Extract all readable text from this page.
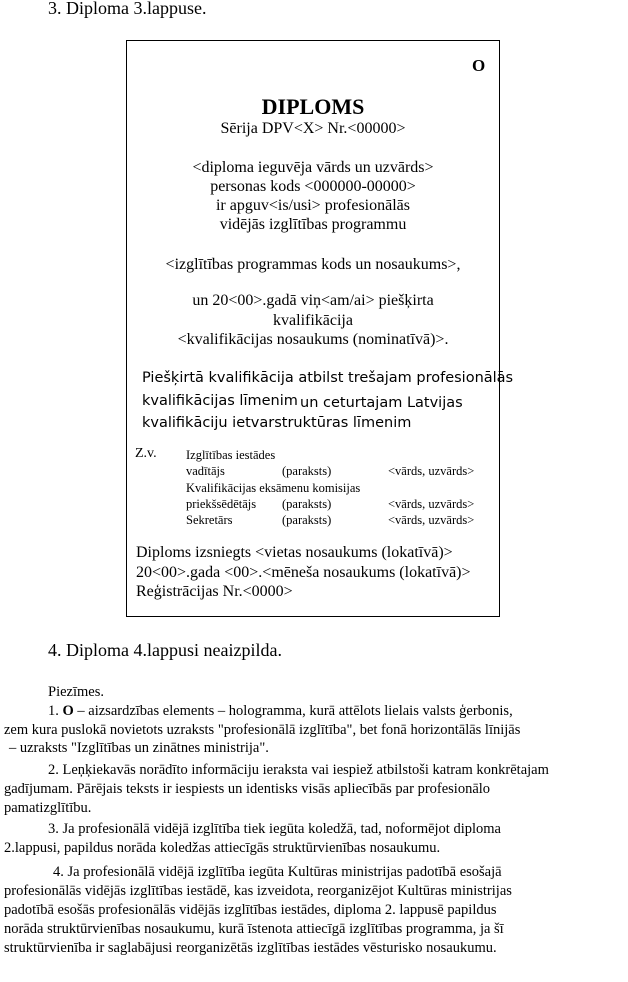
3. Diploma 3.lappuse.
O
DIPLOMS
Sērija DPV<X> Nr.<00000>
<diploma ieguvēja vārds un uzvārds>
personas kods <000000-00000>
ir apguv<is/usi> profesionālās
vidējās izglītības programmu
<izglītības programmas kods un nosaukums>,
un 20<00>.gadā viņ<am/ai> piešķirta
kvalifikācija
<kvalifikācijas nosaukums (nominatīvā)>.
Piešķirtā kvalifikācija atbilst trešajam profesionālās
kvalifikācijas līmenim un ceturtajam Latvijas
kvalifikāciju ietvarstruktūras līmenim
Z.v. Izglītības iestādes
vadītājs	(paraksts)	<vārds, uzvārds>
Kvalifikācijas eksāmenu komisijas
priekšsēdētājs (paraksts)	<vārds, uzvārds>
Sekretārs	(paraksts)	<vārds, uzvārds>
Diploms izsniegts <vietas nosaukums (lokatīvā)>
20<00>.gada <00>.<mēneša nosaukums (lokatīvā)>
Reģistrācijas Nr.<0000>
4. Diploma 4.lappusi neaizpilda.
Piezīmes.
1. O – aizsardzības elements – hologramma, kurā attēlots lielais valsts ģerbonis,
zem kura puslokā novietots uzraksts "profesionālā izglītība", bet fonā horizontālās līnijās
– uzraksts "Izglītības un zinātnes ministrija".
2. Leņķiekavās norādīto informāciju ieraksta vai iespiež atbilstoši katram konkrētajam
gadījumam. Pārējais teksts ir iespiests un identisks visās apliecībās par profesionālo
pamatizglītību.
3. Ja profesionālā vidējā izglītība tiek iegūta koledžā, tad, noformējot diploma
2.lappusi, papildus norāda koledžas attiecīgās struktūrvienības nosaukumu.
4. Ja profesionālā vidējā izglītība iegūta Kultūras ministrijas padotībā esošajā
profesionālās vidējās izglītības iestādē, kas izveidota, reorganizējot Kultūras ministrijas
padotībā esošās profesionālās vidējās izglītības iestādes, diploma 2. lappusē papildus
norāda struktūrvienības nosaukumu, kurā īstenota attiecīgā izglītības programma, ja šī
struktūrvienība ir saglabājusi reorganizētās izglītības iestādes vēsturisko nosaukumu.
